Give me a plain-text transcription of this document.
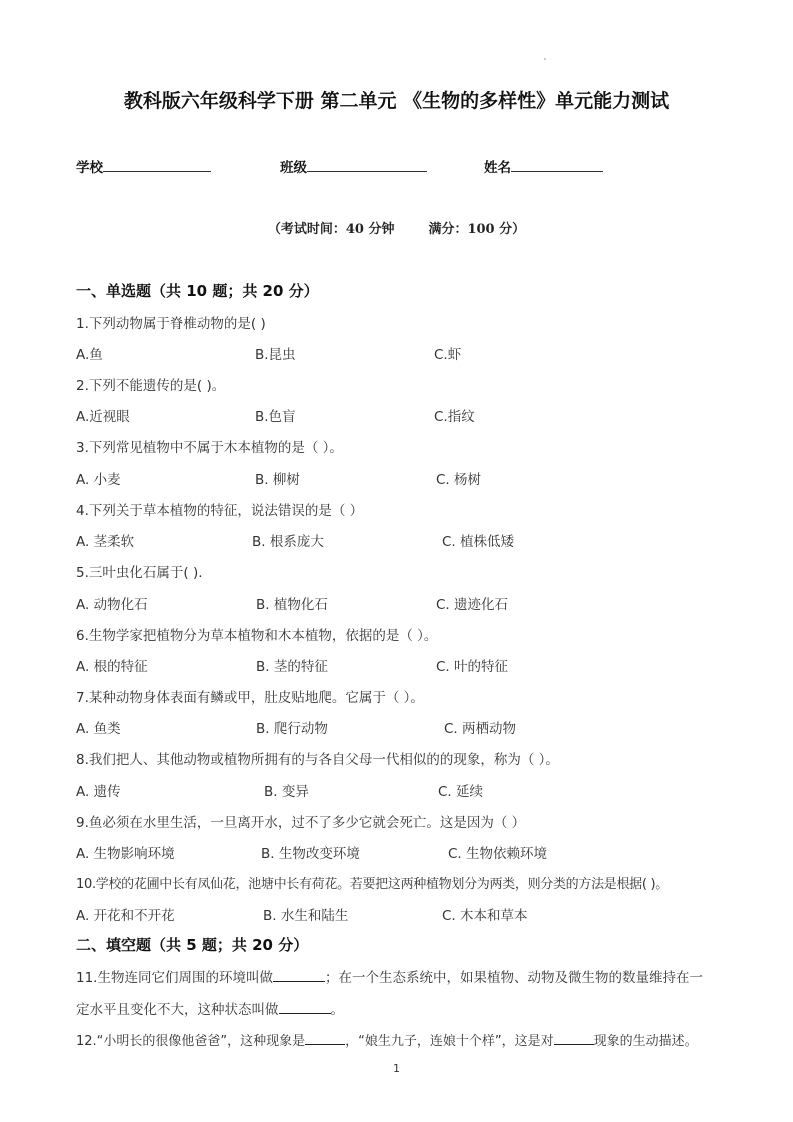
教科版六年级科学下册 第二单元 《生物的多样性》单元能力测试
学校	班级	姓名
（考试时间：40 分钟	满分：100 分）
一、单选题（共 10 题；共 20 分）
1.下列动物属于脊椎动物的是( )
A.鱼	B.昆虫	C.虾
2.下列不能遗传的是( )。
A.近视眼	B.色盲	C.指纹
3.下列常见植物中不属于木本植物的是（ ）。
A. 小麦	B. 柳树	C. 杨树
4.下列关于草本植物的特征，说法错误的是（ ）
A. 茎柔软	B. 根系庞大	C. 植株低矮
5.三叶虫化石属于( ).
A. 动物化石	B. 植物化石	C. 遗迹化石
6.生物学家把植物分为草本植物和木本植物，依据的是（ ）。
A. 根的特征	B. 茎的特征	C. 叶的特征
7.某种动物身体表面有鳞或甲，肚皮贴地爬。它属于（ ）。
A. 鱼类	B. 爬行动物	C. 两栖动物
8.我们把人、其他动物或植物所拥有的与各自父母一代相似的的现象，称为（ ）。
A. 遗传	B. 变异	C. 延续
9.鱼必须在水里生活，一旦离开水，过不了多少它就会死亡。这是因为（ ）
A. 生物影响环境	B. 生物改变环境	C. 生物依赖环境
10.学校的花圃中长有凤仙花，池塘中长有荷花。若要把这两种植物划分为两类，则分类的方法是根据( )。
A. 开花和不开花	B. 水生和陆生	C. 木本和草本
二、填空题（共 5 题；共 20 分）
11.生物连同它们周围的环境叫做	；在一个生态系统中，如果植物、动物及微生物的数量维持在一
定水平且变化不大，这种状态叫做	。
12.“小明长的很像他爸爸”，这种现象是	，“娘生九子，连娘十个样”，这是对	现象的生动描述。
1
